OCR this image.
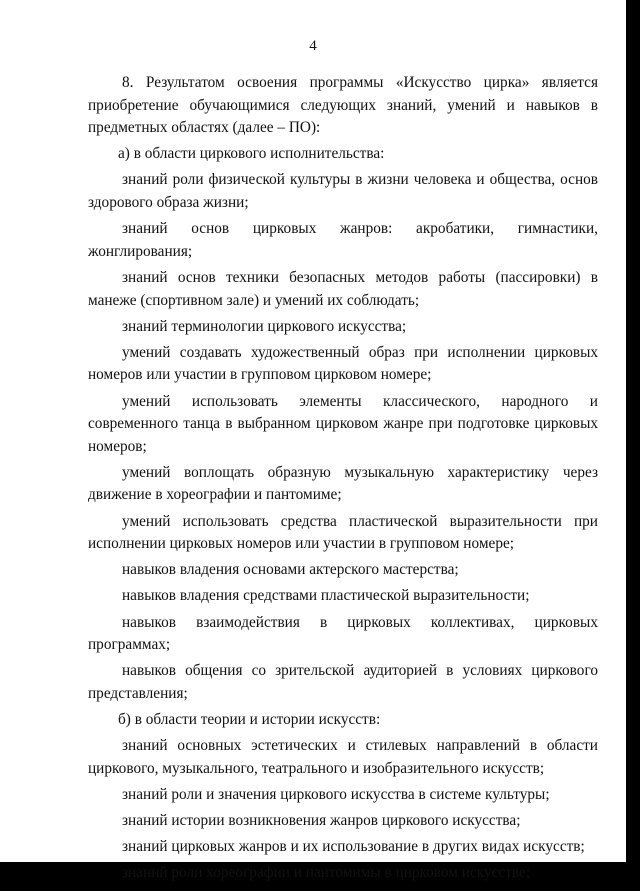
4

8. Результатом освоения программы «Искусство цирка» является приобретение обучающимися следующих знаний, умений и навыков в предметных областях (далее – ПО):

а) в области циркового исполнительства:

знаний роли физической культуры в жизни человека и общества, основ здорового образа жизни;

знаний основ цирковых жанров: акробатики, гимнастики, жонглирования;

знаний основ техники безопасных методов работы (пассировки) в манеже (спортивном зале) и умений их соблюдать;

знаний терминологии циркового искусства;

умений создавать художественный образ при исполнении цирковых номеров или участии в групповом цирковом номере;

умений использовать элементы классического, народного и современного танца в выбранном цирковом жанре при подготовке цирковых номеров;

умений воплощать образную музыкальную характеристику через движение в хореографии и пантомиме;

умений использовать средства пластической выразительности при исполнении цирковых номеров или участии в групповом номере;

навыков владения основами актерского мастерства;

навыков владения средствами пластической выразительности;

навыков взаимодействия в цирковых коллективах, цирковых программах;

навыков общения со зрительской аудиторией в условиях циркового представления;

б) в области теории и истории искусств:

знаний основных эстетических и стилевых направлений в области циркового, музыкального, театрального и изобразительного искусств;

знаний роли и значения циркового искусства в системе культуры;

знаний истории возникновения жанров циркового искусства;

знаний цирковых жанров и их использование в других видах искусств;

знаний роли хореографии и пантомимы в цирковом искусстве;
